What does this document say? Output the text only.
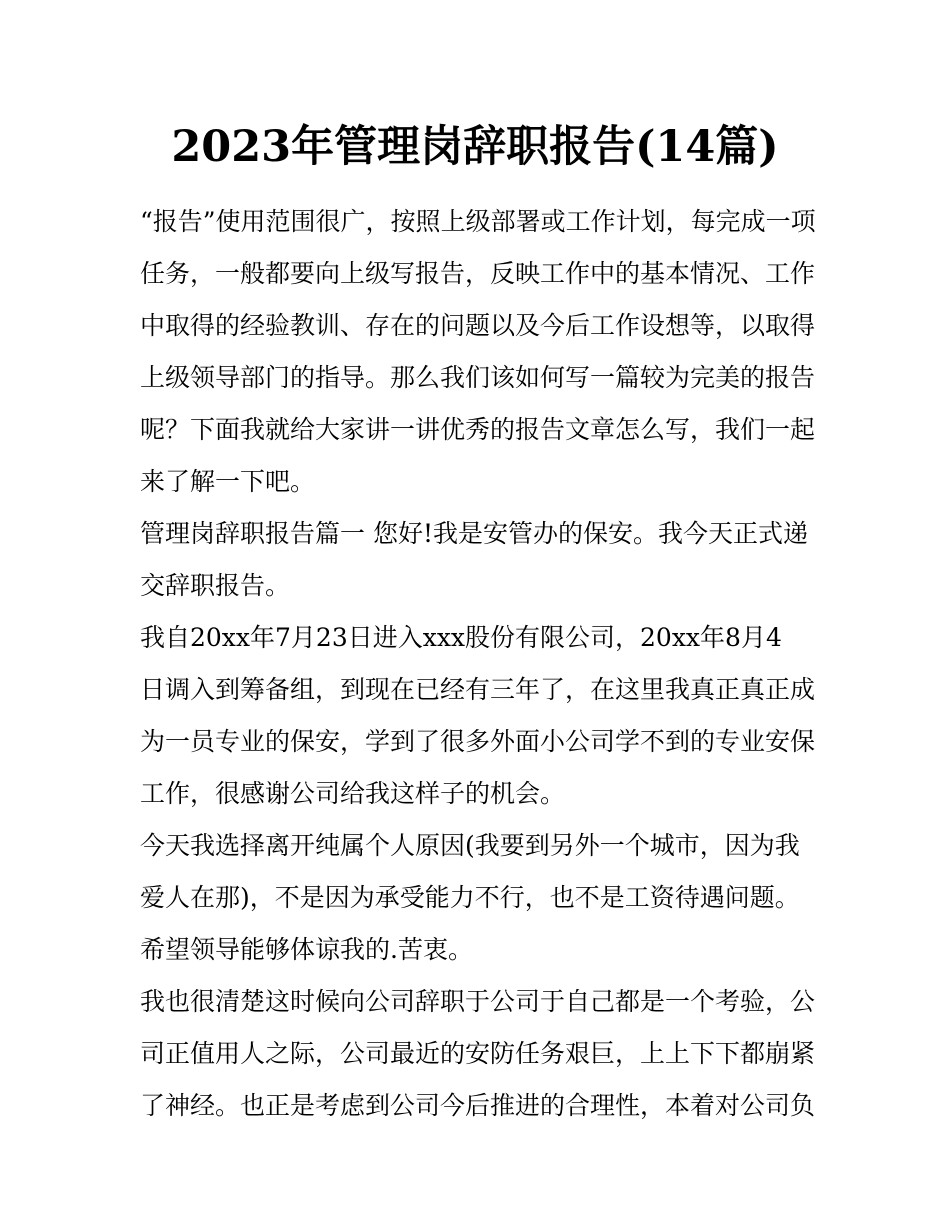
2023年管理岗辞职报告(14篇)
“报告”使用范围很广，按照上级部署或工作计划，每完成一项
任务，一般都要向上级写报告，反映工作中的基本情况、工作
中取得的经验教训、存在的问题以及今后工作设想等，以取得
上级领导部门的指导。那么我们该如何写一篇较为完美的报告
呢？下面我就给大家讲一讲优秀的报告文章怎么写，我们一起
来了解一下吧。
管理岗辞职报告篇一 您好!我是安管办的保安。我今天正式递
交辞职报告。
我自20xx年7月23日进入xxx股份有限公司，20xx年8月4
日调入到筹备组，到现在已经有三年了，在这里我真正真正成
为一员专业的保安，学到了很多外面小公司学不到的专业安保
工作，很感谢公司给我这样子的机会。
今天我选择离开纯属个人原因(我要到另外一个城市，因为我
爱人在那)，不是因为承受能力不行，也不是工资待遇问题。
希望领导能够体谅我的.苦衷。
我也很清楚这时候向公司辞职于公司于自己都是一个考验，公
司正值用人之际，公司最近的安防任务艰巨，上上下下都崩紧
了神经。也正是考虑到公司今后推进的合理性，本着对公司负
